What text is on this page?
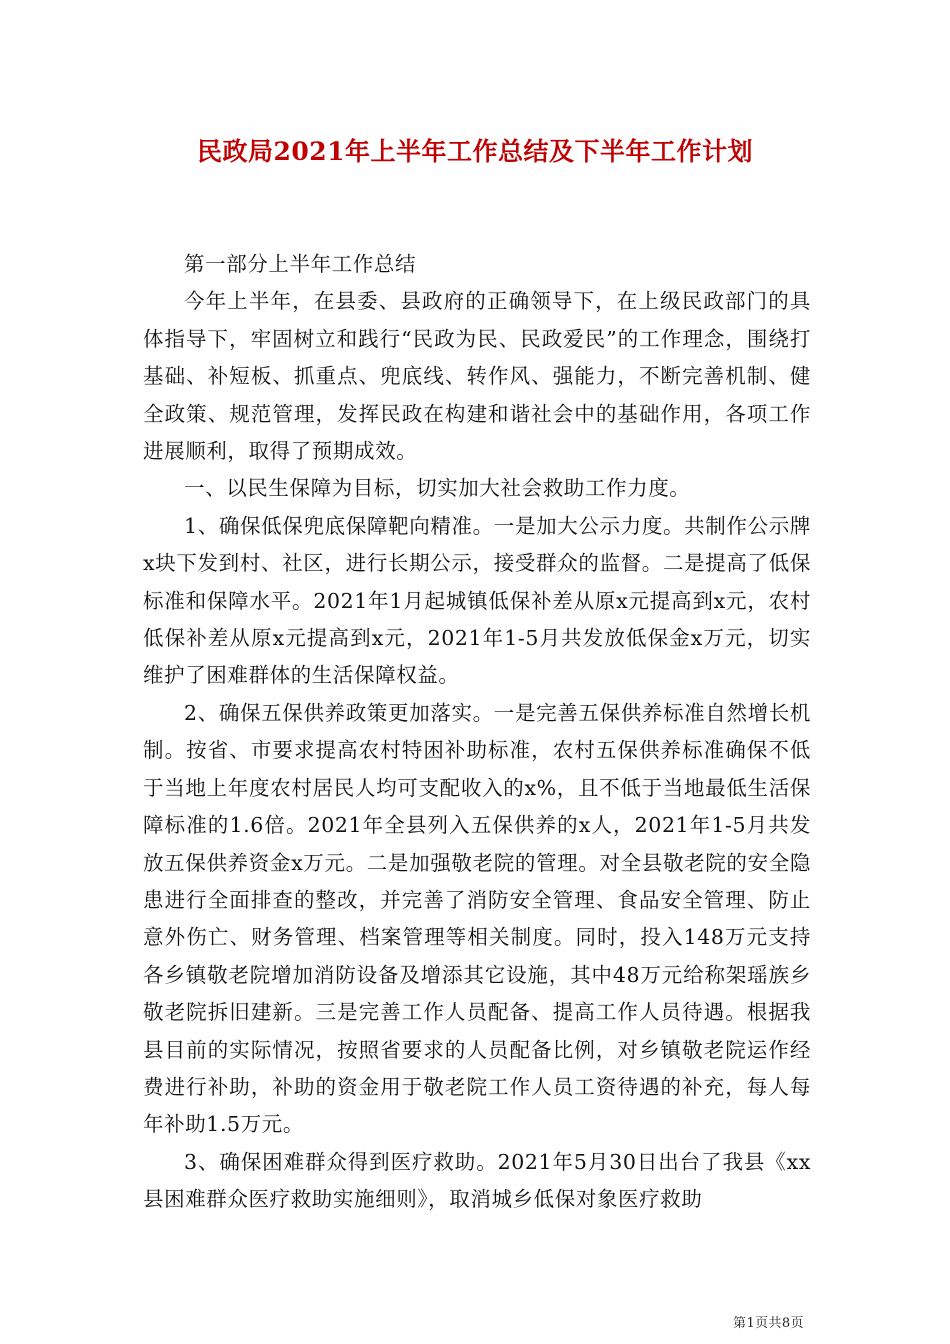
民政局2021年上半年工作总结及下半年工作计划

第一部分上半年工作总结

今年上半年，在县委、县政府的正确领导下，在上级民政部门的具体指导下，牢固树立和践行“民政为民、民政爱民”的工作理念，围绕打基础、补短板、抓重点、兜底线、转作风、强能力，不断完善机制、健全政策、规范管理，发挥民政在构建和谐社会中的基础作用，各项工作进展顺利，取得了预期成效。

一、以民生保障为目标，切实加大社会救助工作力度。

1、确保低保兜底保障靶向精准。一是加大公示力度。共制作公示牌x块下发到村、社区，进行长期公示，接受群众的监督。二是提高了低保标准和保障水平。2021年1月起城镇低保补差从原x元提高到x元，农村低保补差从原x元提高到x元，2021年1-5月共发放低保金x万元，切实维护了困难群体的生活保障权益。

2、确保五保供养政策更加落实。一是完善五保供养标准自然增长机制。按省、市要求提高农村特困补助标准，农村五保供养标准确保不低于当地上年度农村居民人均可支配收入的x%，且不低于当地最低生活保障标准的1.6倍。2021年全县列入五保供养的x人，2021年1-5月共发放五保供养资金x万元。二是加强敬老院的管理。对全县敬老院的安全隐患进行全面排查的整改，并完善了消防安全管理、食品安全管理、防止意外伤亡、财务管理、档案管理等相关制度。同时，投入148万元支持各乡镇敬老院增加消防设备及增添其它设施，其中48万元给称架瑶族乡敬老院拆旧建新。三是完善工作人员配备、提高工作人员待遇。根据我县目前的实际情况，按照省要求的人员配备比例，对乡镇敬老院运作经费进行补助，补助的资金用于敬老院工作人员工资待遇的补充，每人每年补助1.5万元。

3、确保困难群众得到医疗救助。2021年5月30日出台了我县《xx县困难群众医疗救助实施细则》，取消城乡低保对象医疗救助

第1页共8页
